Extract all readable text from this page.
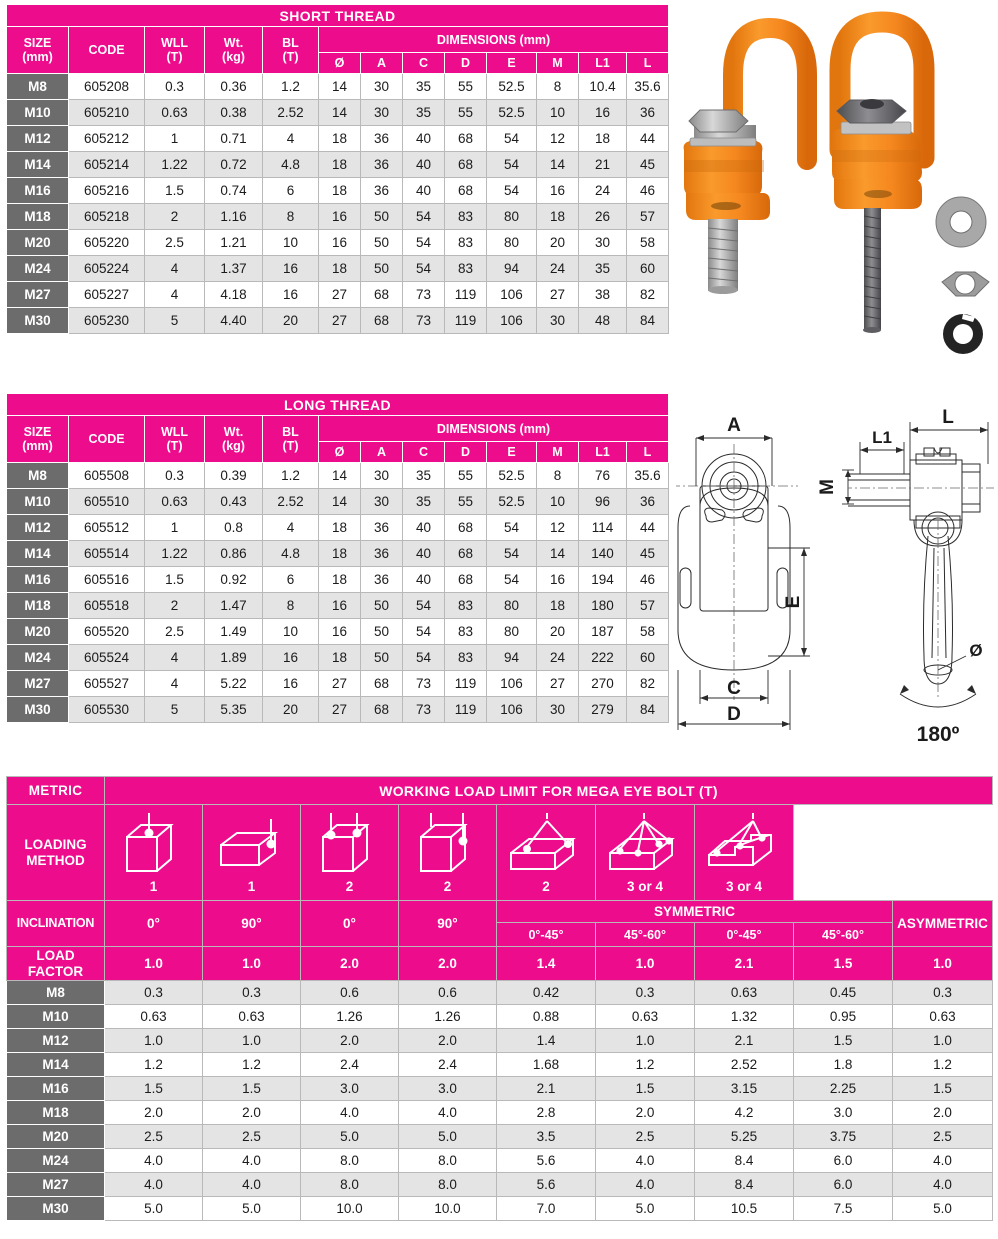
SHORT THREAD												

SIZE
(mm)	CODE	WLL
(T)

Wt.
(kg)

BL
(T)
	DIMENSIONS (mm)
					Ø	A	C	D	E	M	L1	L
M8	605208	0.3	0.36	1.2	14	30	35	55	52.5	8	10.4	35.6
M10	605210	0.63	0.38	2.52	14	30	35	55	52.5	10	16	36
M12	605212	1	0.71	4	18	36	40	68	54	12	18	44
M14	605214	1.22	0.72	4.8	18	36	40	68	54	14	21	45
M16	605216	1.5	0.74	6	18	36	40	68	54	16	24	46
M18	605218	2	1.16	8	16	50	54	83	80	18	26	57
M20	605220	2.5	1.21	10	16	50	54	83	80	20	30	58
M24	605224	4	1.37	16	18	50	54	83	94	24	35	60
M27	605227	4	4.18	16	27	68	73	119	106	27	38	82
M30	605230	5	4.40	20	27	68	73	119	106	30	48	84
LONG THREAD												

SIZE
(mm)	CODE	WLL
(T)

Wt.
(kg)

BL
(T)
	DIMENSIONS (mm)
					Ø	A	C	D	E	M	L1	L
M8	605508	0.3	0.39	1.2	14	30	35	55	52.5	8	76	35.6
M10	605510	0.63	0.43	2.52	14	30	35	55	52.5	10	96	36
M12	605512	1	0.8	4	18	36	40	68	54	12	114	44
M14	605514	1.22	0.86	4.8	18	36	40	68	54	14	140	45
M16	605516	1.5	0.92	6	18	36	40	68	54	16	194	46
M18	605518	2	1.47	8	16	50	54	83	80	18	180	57
M20	605520	2.5	1.49	10	16	50	54	83	80	20	187	58
M24	605524	4	1.89	16	18	50	54	83	94	24	222	60
M27	605527	4	5.22	16	27	68	73	119	106	27	270	82
M30	605530	5	5.35	20	27	68	73	119	106	30	279	84
A
E
C
D
M
L
L1
Ø
180º
METRIC	WORKING LOAD LIMIT FOR MEGA EYE BOLT (T)								

LOADING
METHOD	1	1	2	2	2	3 or 4	3 or 4		

INCLINATION	0°	90°	0°	90°	SYMMETRIC				ASYMMETRIC
					0°-45°	45°-60°	0°-45°	45°-60°	

LOAD
FACTOR	1.0	1.0	2.0	2.0	1.4	1.0	2.1	1.5	1.0
M8	0.3	0.3	0.6	0.6	0.42	0.3	0.63	0.45	0.3
M10	0.63	0.63	1.26	1.26	0.88	0.63	1.32	0.95	0.63
M12	1.0	1.0	2.0	2.0	1.4	1.0	2.1	1.5	1.0
M14	1.2	1.2	2.4	2.4	1.68	1.2	2.52	1.8	1.2
M16	1.5	1.5	3.0	3.0	2.1	1.5	3.15	2.25	1.5
M18	2.0	2.0	4.0	4.0	2.8	2.0	4.2	3.0	2.0
M20	2.5	2.5	5.0	5.0	3.5	2.5	5.25	3.75	2.5
M24	4.0	4.0	8.0	8.0	5.6	4.0	8.4	6.0	4.0
M27	4.0	4.0	8.0	8.0	5.6	4.0	8.4	6.0	4.0
M30	5.0	5.0	10.0	10.0	7.0	5.0	10.5	7.5	5.0
